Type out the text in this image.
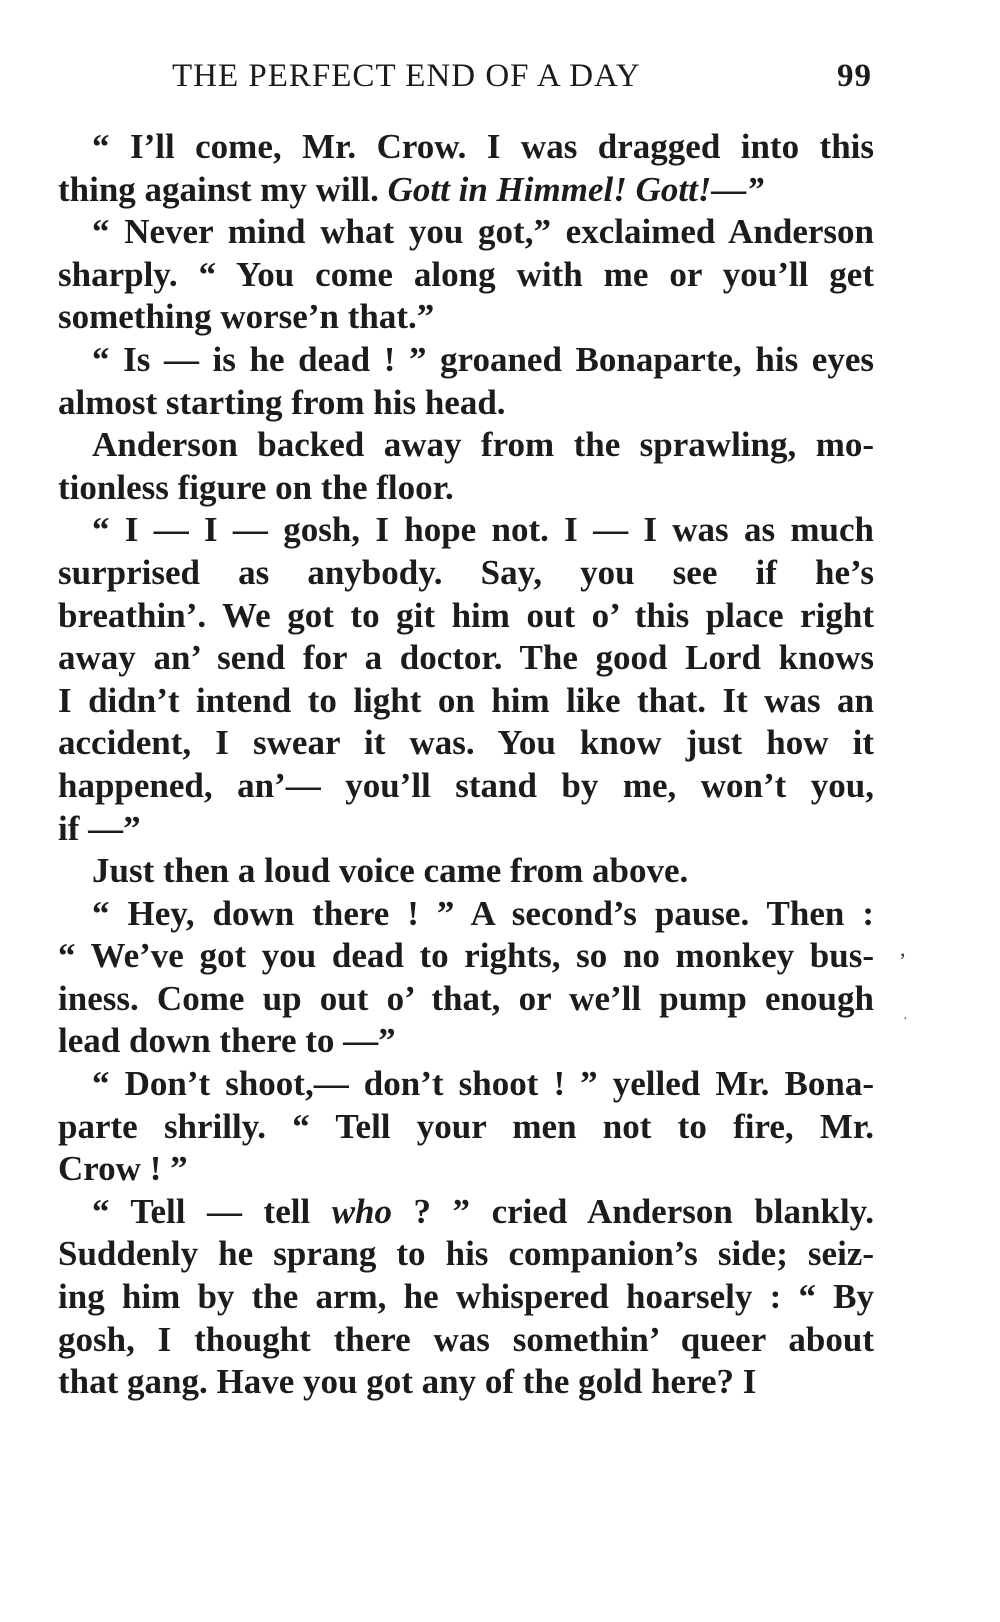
THE PERFECT END OF A DAY	99
“ I’ll come, Mr. Crow. I was dragged into this
thing against my will. Gott in Himmel! Gott!—”
“ Never mind what you got,” exclaimed Anderson
sharply. “ You come along with me or you’ll get
something worse’n that.”
“ Is — is he dead ! ” groaned Bonaparte, his eyes
almost starting from his head.
Anderson backed away from the sprawling, mo-
tionless figure on the floor.
“ I — I — gosh, I hope not. I — I was as much
surprised as anybody. Say, you see if he’s
breathin’. We got to git him out o’ this place right
away an’ send for a doctor. The good Lord knows
I didn’t intend to light on him like that. It was an
accident, I swear it was. You know just how it
happened, an’— you’ll stand by me, won’t you,
if —”
Just then a loud voice came from above.
“ Hey, down there ! ” A second’s pause. Then :
“ We’ve got you dead to rights, so no monkey bus-
iness. Come up out o’ that, or we’ll pump enough
lead down there to —”
“ Don’t shoot,— don’t shoot ! ” yelled Mr. Bona-
parte shrilly. “ Tell your men not to fire, Mr.
Crow ! ”
“ Tell — tell who ? ” cried Anderson blankly.
Suddenly he sprang to his companion’s side; seiz-
ing him by the arm, he whispered hoarsely : “ By
gosh, I thought there was somethin’ queer about
that gang. Have you got any of the gold here? I
,
·
